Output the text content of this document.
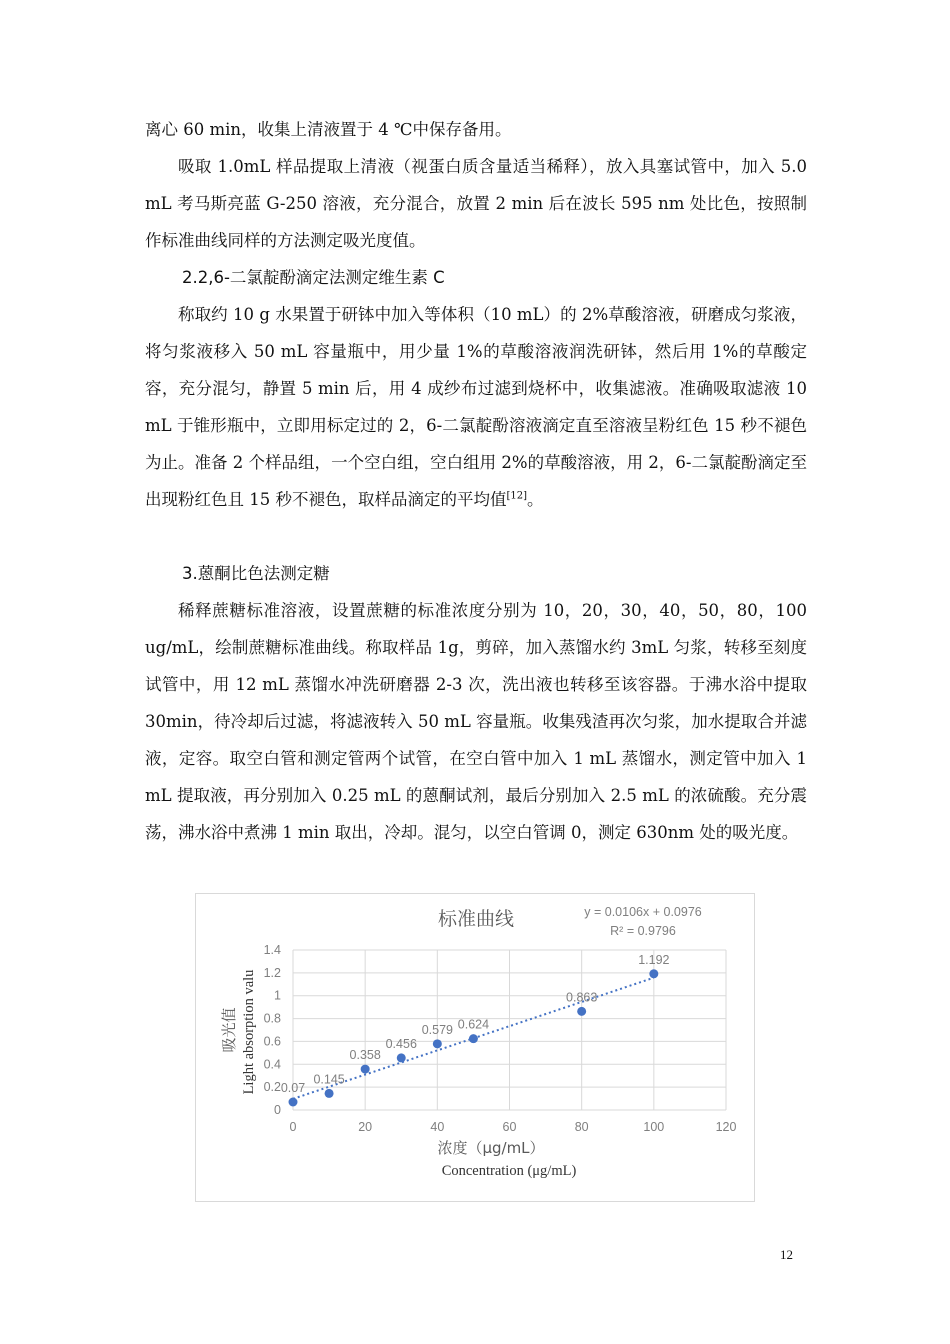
离心 60 min，收集上清液置于 4 ℃中保存备用。

吸取 1.0mL 样品提取上清液（视蛋白质含量适当稀释），放入具塞试管中，加入 5.0 mL 考马斯亮蓝 G-250 溶液，充分混合，放置 2 min 后在波长 595 nm 处比色，按照制作标准曲线同样的方法测定吸光度值。

2.2,6-二氯靛酚滴定法测定维生素 C

称取约 10 g 水果置于研钵中加入等体积（10 mL）的 2%草酸溶液，研磨成匀浆液，将匀浆液移入 50 mL 容量瓶中，用少量 1%的草酸溶液润洗研钵，然后用 1%的草酸定容，充分混匀，静置 5 min 后，用 4 成纱布过滤到烧杯中，收集滤液。准确吸取滤液 10 mL 于锥形瓶中，立即用标定过的 2，6-二氯靛酚溶液滴定直至溶液呈粉红色 15 秒不褪色为止。准备 2 个样品组，一个空白组，空白组用 2%的草酸溶液，用 2，6-二氯靛酚滴定至出现粉红色且 15 秒不褪色，取样品滴定的平均值[12]。

3.蒽酮比色法测定糖

稀释蔗糖标准溶液，设置蔗糖的标准浓度分别为 10，20，30，40，50，80，100 ug/mL，绘制蔗糖标准曲线。称取样品 1g，剪碎，加入蒸馏水约 3mL 匀浆，转移至刻度试管中，用 12 mL 蒸馏水冲洗研磨器 2-3 次，洗出液也转移至该容器。于沸水浴中提取 30min，待冷却后过滤，将滤液转入 50 mL 容量瓶。收集残渣再次匀浆，加水提取合并滤液，定容。取空白管和测定管两个试管，在空白管中加入 1 mL 蒸馏水，测定管中加入 1 mL 提取液，再分别加入 0.25 mL 的蒽酮试剂，最后分别加入 2.5 mL 的浓硫酸。充分震荡，沸水浴中煮沸 1 min 取出，冷却。混匀，以空白管调 0，测定 630nm 处的吸光度。

0
0.2
0.4
0.6
0.8
1
1.2
1.4
0	20	40	60	80	100	120
0.07
0.145
0.358
0.456
0.579 0.624
0.863
1.192
标准曲线	y = 0.0106x + 0.0976
R² = 0.9796
浓度（μg/mL）
Concentration (μg/mL)
吸光值 Light absorption valu
12
